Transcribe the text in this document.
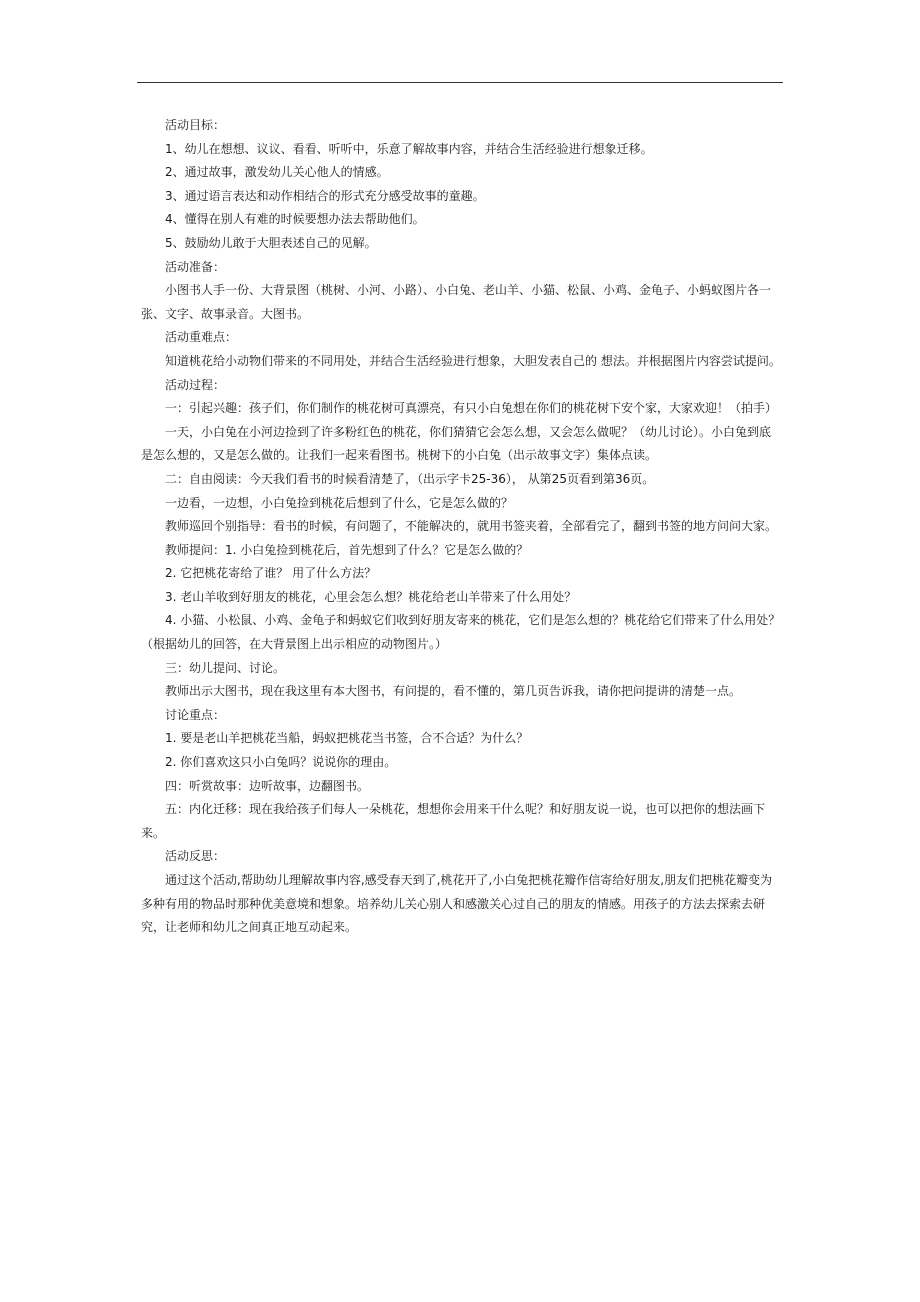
活动目标：

1、幼儿在想想、议议、看看、听听中，乐意了解故事内容，并结合生活经验进行想象迁移。

2、通过故事，激发幼儿关心他人的情感。

3、通过语言表达和动作相结合的形式充分感受故事的童趣。

4、懂得在别人有难的时候要想办法去帮助他们。

5、鼓励幼儿敢于大胆表述自己的见解。

活动准备：

小图书人手一份、大背景图（桃树、小河、小路）、小白兔、老山羊、小猫、松鼠、小鸡、金龟子、小蚂蚁图片各一张、文字、故事录音。大图书。

活动重难点：

知道桃花给小动物们带来的不同用处，并结合生活经验进行想象，大胆发表自己的 想法。并根据图片内容尝试提问。

活动过程：

一：引起兴趣：孩子们，你们制作的桃花树可真漂亮，有只小白兔想在你们的桃花树下安个家，大家欢迎！（拍手）

一天，小白兔在小河边捡到了许多粉红色的桃花，你们猜猜它会怎么想，又会怎么做呢？（幼儿讨论）。小白兔到底是怎么想的，又是怎么做的。让我们一起来看图书。桃树下的小白兔（出示故事文字）集体点读。

二：自由阅读：今天我们看书的时候看清楚了，（出示字卡25-36）， 从第25页看到第36页。

一边看，一边想，小白兔捡到桃花后想到了什么，它是怎么做的？

教师巡回个别指导：看书的时候，有问题了，不能解决的，就用书签夹着，全部看完了，翻到书签的地方问问大家。

教师提问：1. 小白兔捡到桃花后，首先想到了什么？它是怎么做的？

2. 它把桃花寄给了谁？ 用了什么方法？

3. 老山羊收到好朋友的桃花，心里会怎么想？桃花给老山羊带来了什么用处？

4. 小猫、小松鼠、小鸡、金龟子和蚂蚁它们收到好朋友寄来的桃花，它们是怎么想的？桃花给它们带来了什么用处？（根据幼儿的回答，在大背景图上出示相应的动物图片。）

三：幼儿提问、讨论。

教师出示大图书，现在我这里有本大图书，有问提的，看不懂的，第几页告诉我，请你把问提讲的清楚一点。

讨论重点：

1. 要是老山羊把桃花当船，蚂蚁把桃花当书签，合不合适？为什么？

2. 你们喜欢这只小白兔吗？说说你的理由。

四：听赏故事：边听故事，边翻图书。

五：内化迁移：现在我给孩子们每人一朵桃花，想想你会用来干什么呢？和好朋友说一说，也可以把你的想法画下来。

活动反思：

通过这个活动,帮助幼儿理解故事内容,感受春天到了,桃花开了,小白兔把桃花瓣作信寄给好朋友,朋友们把桃花瓣变为多种有用的物品时那种优美意境和想象。培养幼儿关心别人和感激关心过自己的朋友的情感。用孩子的方法去探索去研究，让老师和幼儿之间真正地互动起来。
